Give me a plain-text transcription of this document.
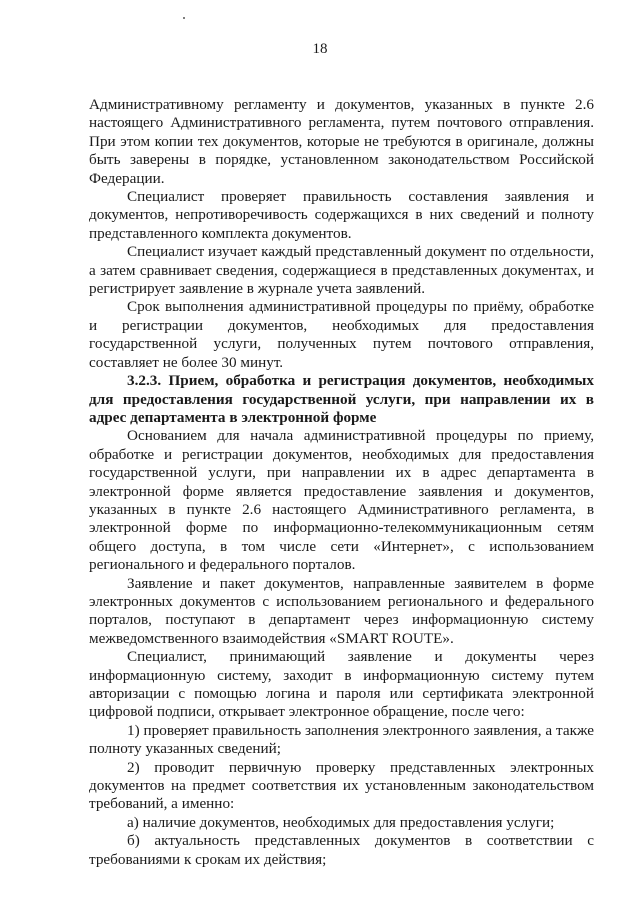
18

Административному регламенту и документов, указанных в пункте 2.6 настоящего Административного регламента, путем почтового отправления. При этом копии тех документов, которые не требуются в оригинале, должны быть заверены в порядке, установленном законодательством Российской Федерации.

Специалист проверяет правильность составления заявления и документов, непротиворечивость содержащихся в них сведений и полноту представленного комплекта документов.

Специалист изучает каждый представленный документ по отдельности, а затем сравнивает сведения, содержащиеся в представленных документах, и регистрирует заявление в журнале учета заявлений.

Срок выполнения административной процедуры по приёму, обработке и регистрации документов, необходимых для предоставления государственной услуги, полученных путем почтового отправления, составляет не более 30 минут.

3.2.3. Прием, обработка и регистрация документов, необходимых для предоставления государственной услуги, при направлении их в адрес департамента в электронной форме

Основанием для начала административной процедуры по приему, обработке и регистрации документов, необходимых для предоставления государственной услуги, при направлении их в адрес департамента в электронной форме является предоставление заявления и документов, указанных в пункте 2.6 настоящего Административного регламента, в электронной форме по информационно-телекоммуникационным сетям общего доступа, в том числе сети «Интернет», с использованием регионального и федерального порталов.

Заявление и пакет документов, направленные заявителем в форме электронных документов с использованием регионального и федерального порталов, поступают в департамент через информационную систему межведомственного взаимодействия «SMART ROUTE».

Специалист, принимающий заявление и документы через информационную систему, заходит в информационную систему путем авторизации с помощью логина и пароля или сертификата электронной цифровой подписи, открывает электронное обращение, после чего:

1) проверяет правильность заполнения электронного заявления, а также полноту указанных сведений;

2) проводит первичную проверку представленных электронных документов на предмет соответствия их установленным законодательством требований, а именно:

а) наличие документов, необходимых для предоставления услуги;

б) актуальность представленных документов в соответствии с требованиями к срокам их действия;
